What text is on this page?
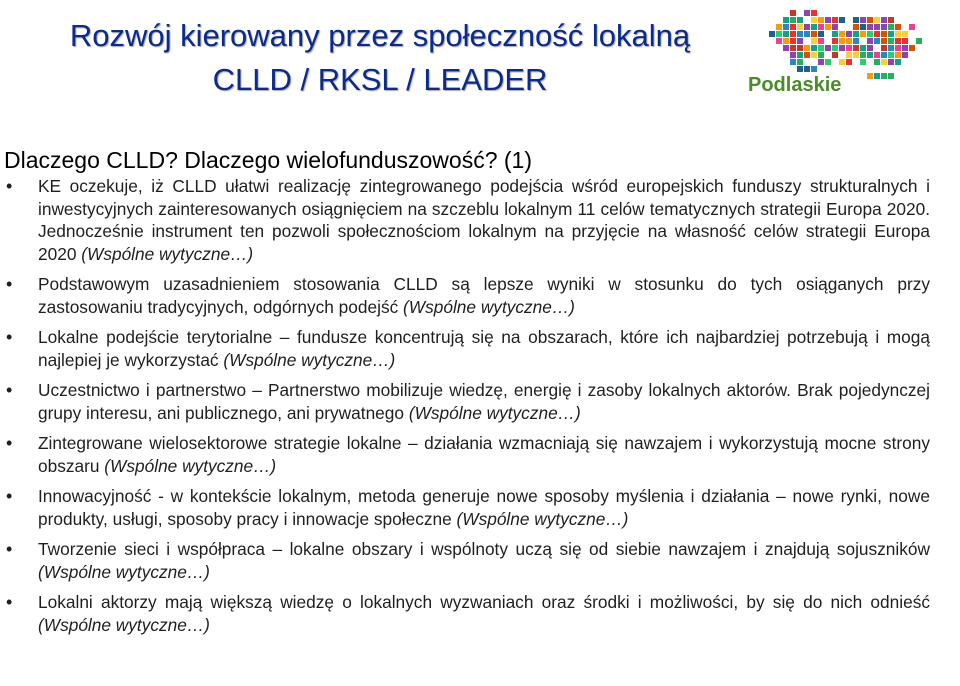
Rozwój kierowany przez społeczność lokalną
CLLD / RKSL / LEADER	Podlaskie
Dlaczego CLLD? Dlaczego wielofunduszowość? (1)
• KE oczekuje, iż CLLD ułatwi realizację zintegrowanego podejścia wśród europejskich funduszy strukturalnych i inwestycyjnych zainteresowanych osiągnięciem na szczeblu lokalnym 11 celów tematycznych strategii Europa 2020. Jednocześnie instrument ten pozwoli społecznościom lokalnym na przyjęcie na własność celów strategii Europa 2020 (Wspólne wytyczne…)
• Podstawowym uzasadnieniem stosowania CLLD są lepsze wyniki w stosunku do tych osiąganych przy zastosowaniu tradycyjnych, odgórnych podejść (Wspólne wytyczne…)
• Lokalne podejście terytorialne – fundusze koncentrują się na obszarach, które ich najbardziej potrzebują i mogą najlepiej je wykorzystać (Wspólne wytyczne…)
• Uczestnictwo i partnerstwo – Partnerstwo mobilizuje wiedzę, energię i zasoby lokalnych aktorów. Brak pojedynczej grupy interesu, ani publicznego, ani prywatnego (Wspólne wytyczne…)
• Zintegrowane wielosektorowe strategie lokalne – działania wzmacniają się nawzajem i wykorzystują mocne strony obszaru (Wspólne wytyczne…)
• Innowacyjność - w kontekście lokalnym, metoda generuje nowe sposoby myślenia i działania – nowe rynki, nowe produkty, usługi, sposoby pracy i innowacje społeczne (Wspólne wytyczne…)
• Tworzenie sieci i współpraca – lokalne obszary i wspólnoty uczą się od siebie nawzajem i znajdują sojuszników (Wspólne wytyczne…)
• Lokalni aktorzy mają większą wiedzę o lokalnych wyzwaniach oraz środki i możliwości, by się do nich odnieść (Wspólne wytyczne…)
